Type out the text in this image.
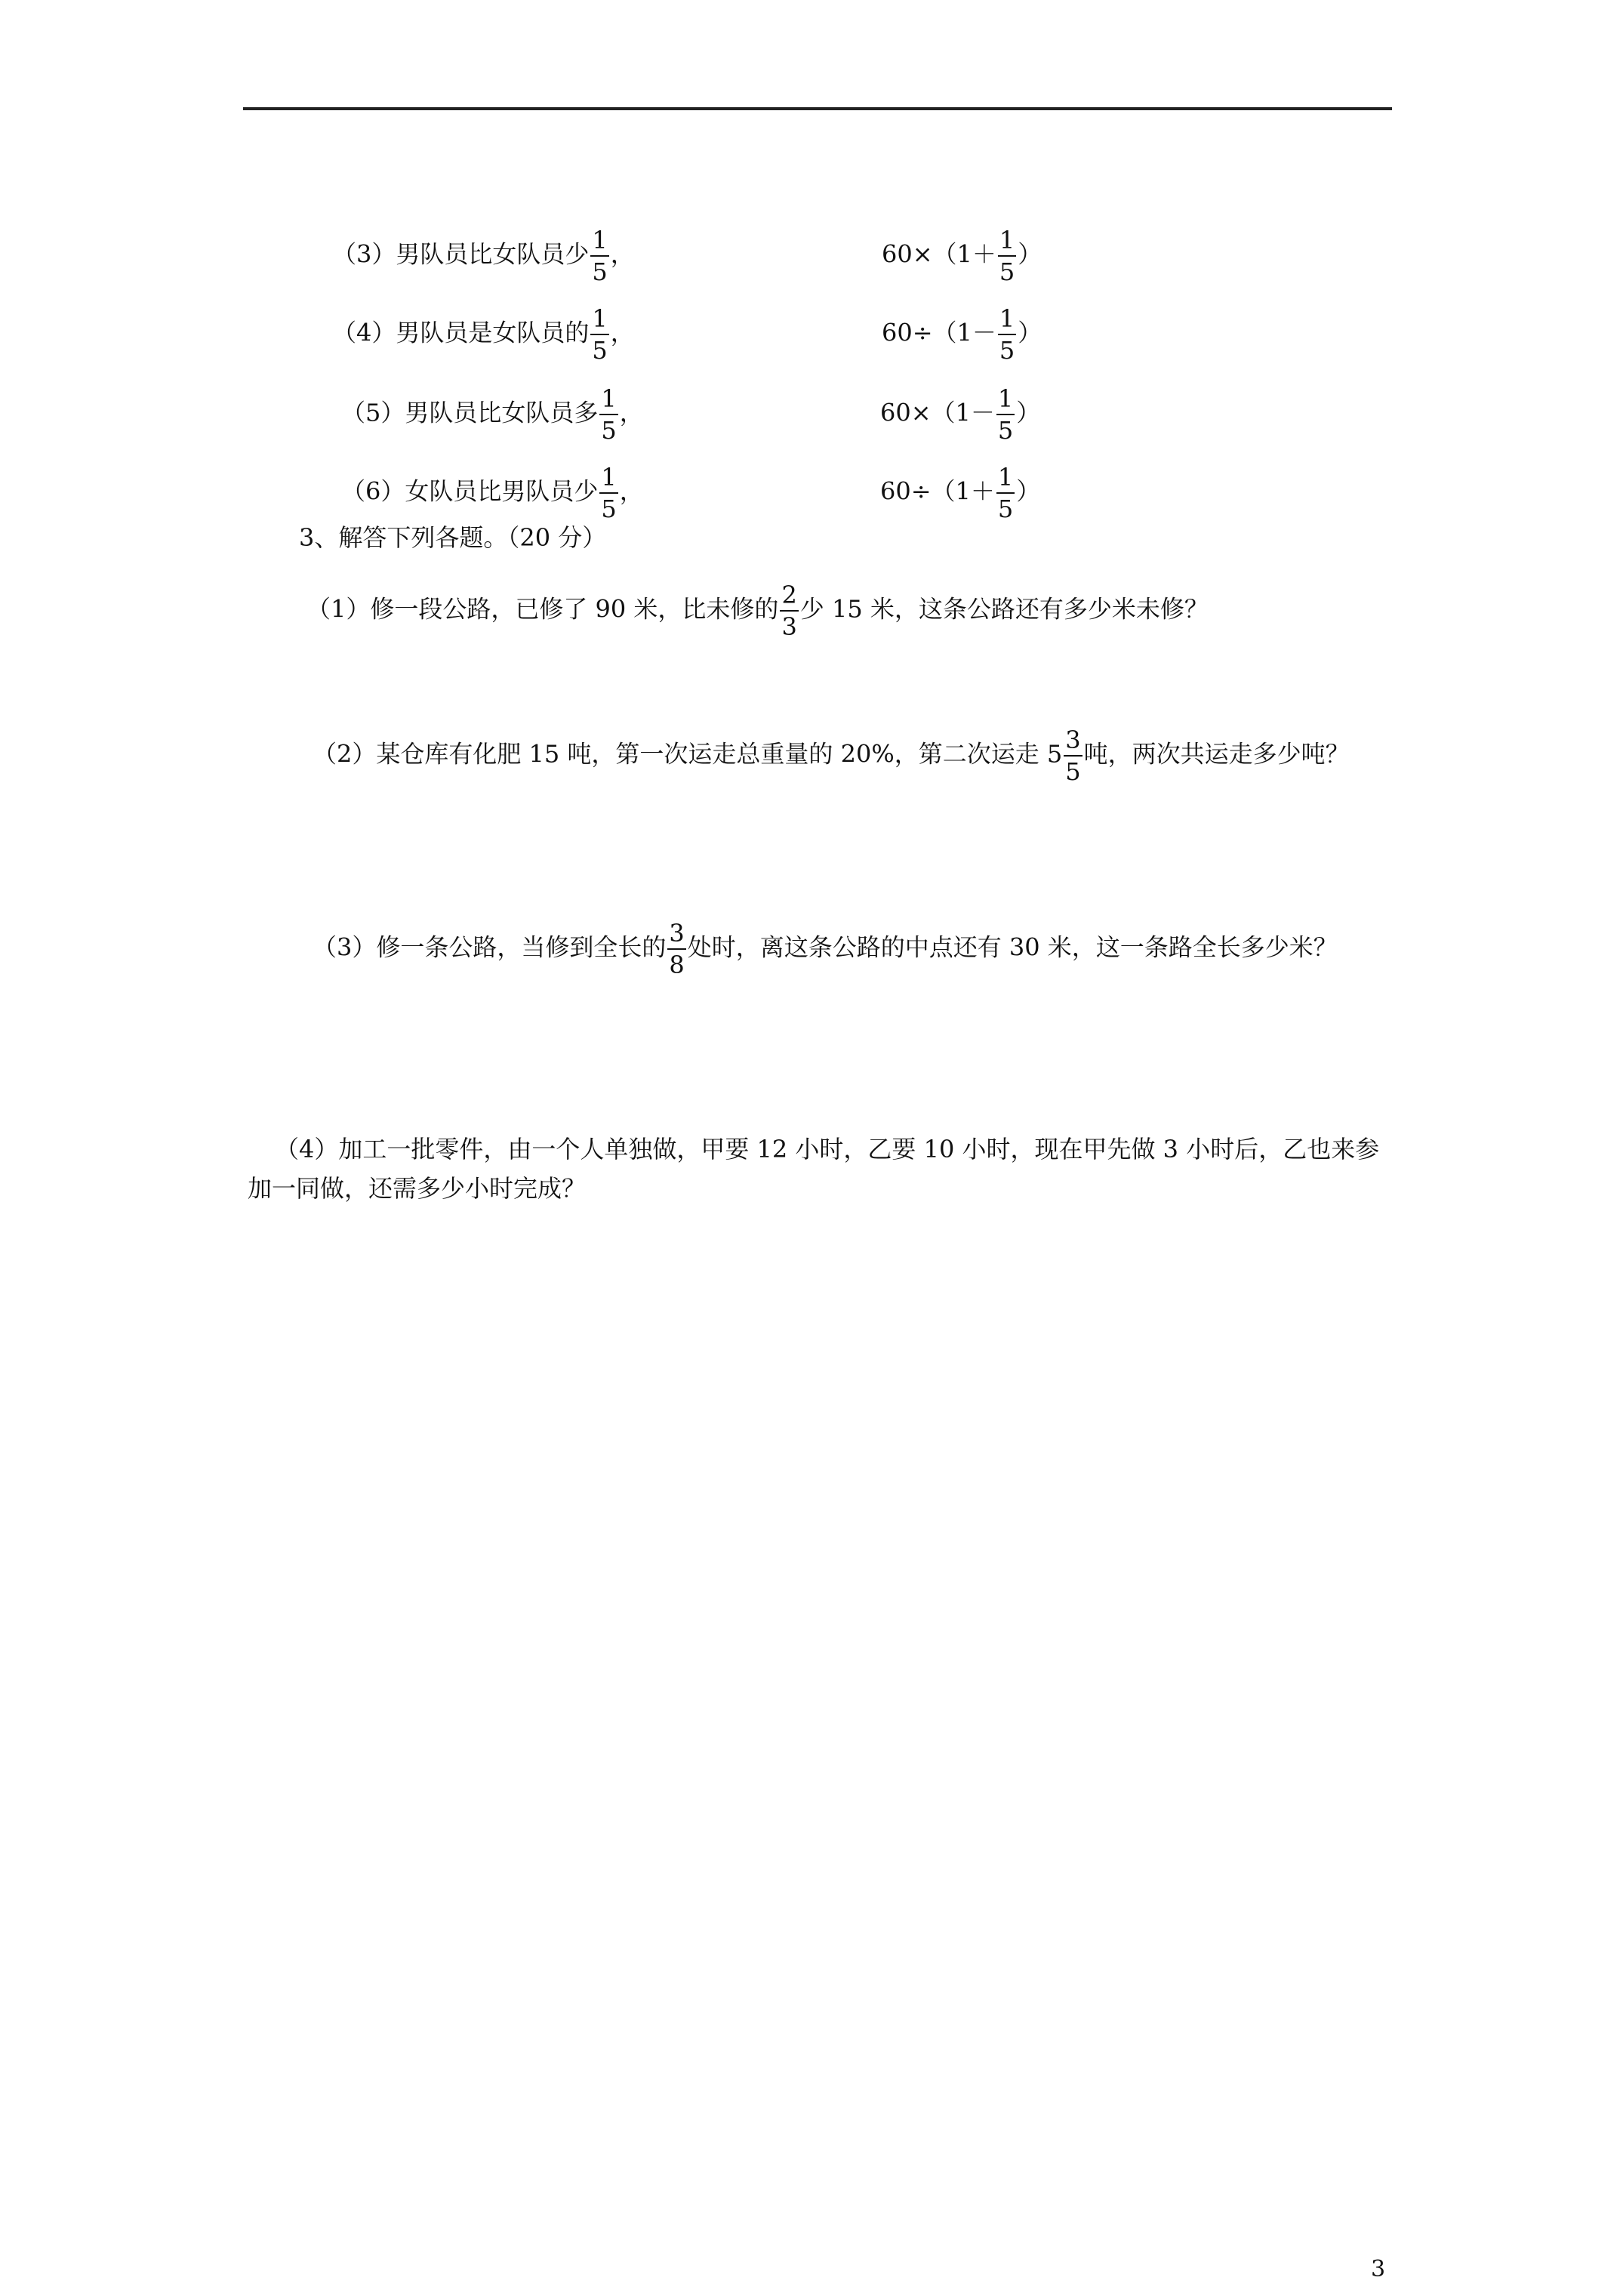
（3）男队员比女队员少 $\frac{1}{5}$ ，
（4）男队员是女队员的 $\frac{1}{5}$ ，
（5）男队员比女队员多 $\frac{1}{5}$ ，
（6）女队员比男队员少 $\frac{1}{5}$ ，
$60\times(1+ \frac{1}{5}$ ）
$60\div(1- \frac{1}{5}$ ）
$60\times(1- \frac{1}{5}$ ）
$60\div(1+ \frac{1}{5}$ ）
3、解答下列各题。（20 分）
（1）修一段公路，已修了 90 米，比未修的 $\frac{2}{3}$ 少 15 米，这条公路还有多少米未修？
（2）某仓库有化肥 15 吨，第一次运走总重量的 20%，第二次运走 $5 \frac{3}{5}$ 吨，两次共运走多少吨？
（3）修一条公路，当修到全长的 $\frac{3}{8}$ 处时，离这条公路的中点还有 30 米，这一条路全长多少米？
（4）加工一批零件，由一个人单独做，甲要 12 小时，乙要 10 小时，现在甲先做 3 小时后，乙也来参加一同做，还需多少小时完成？
3
